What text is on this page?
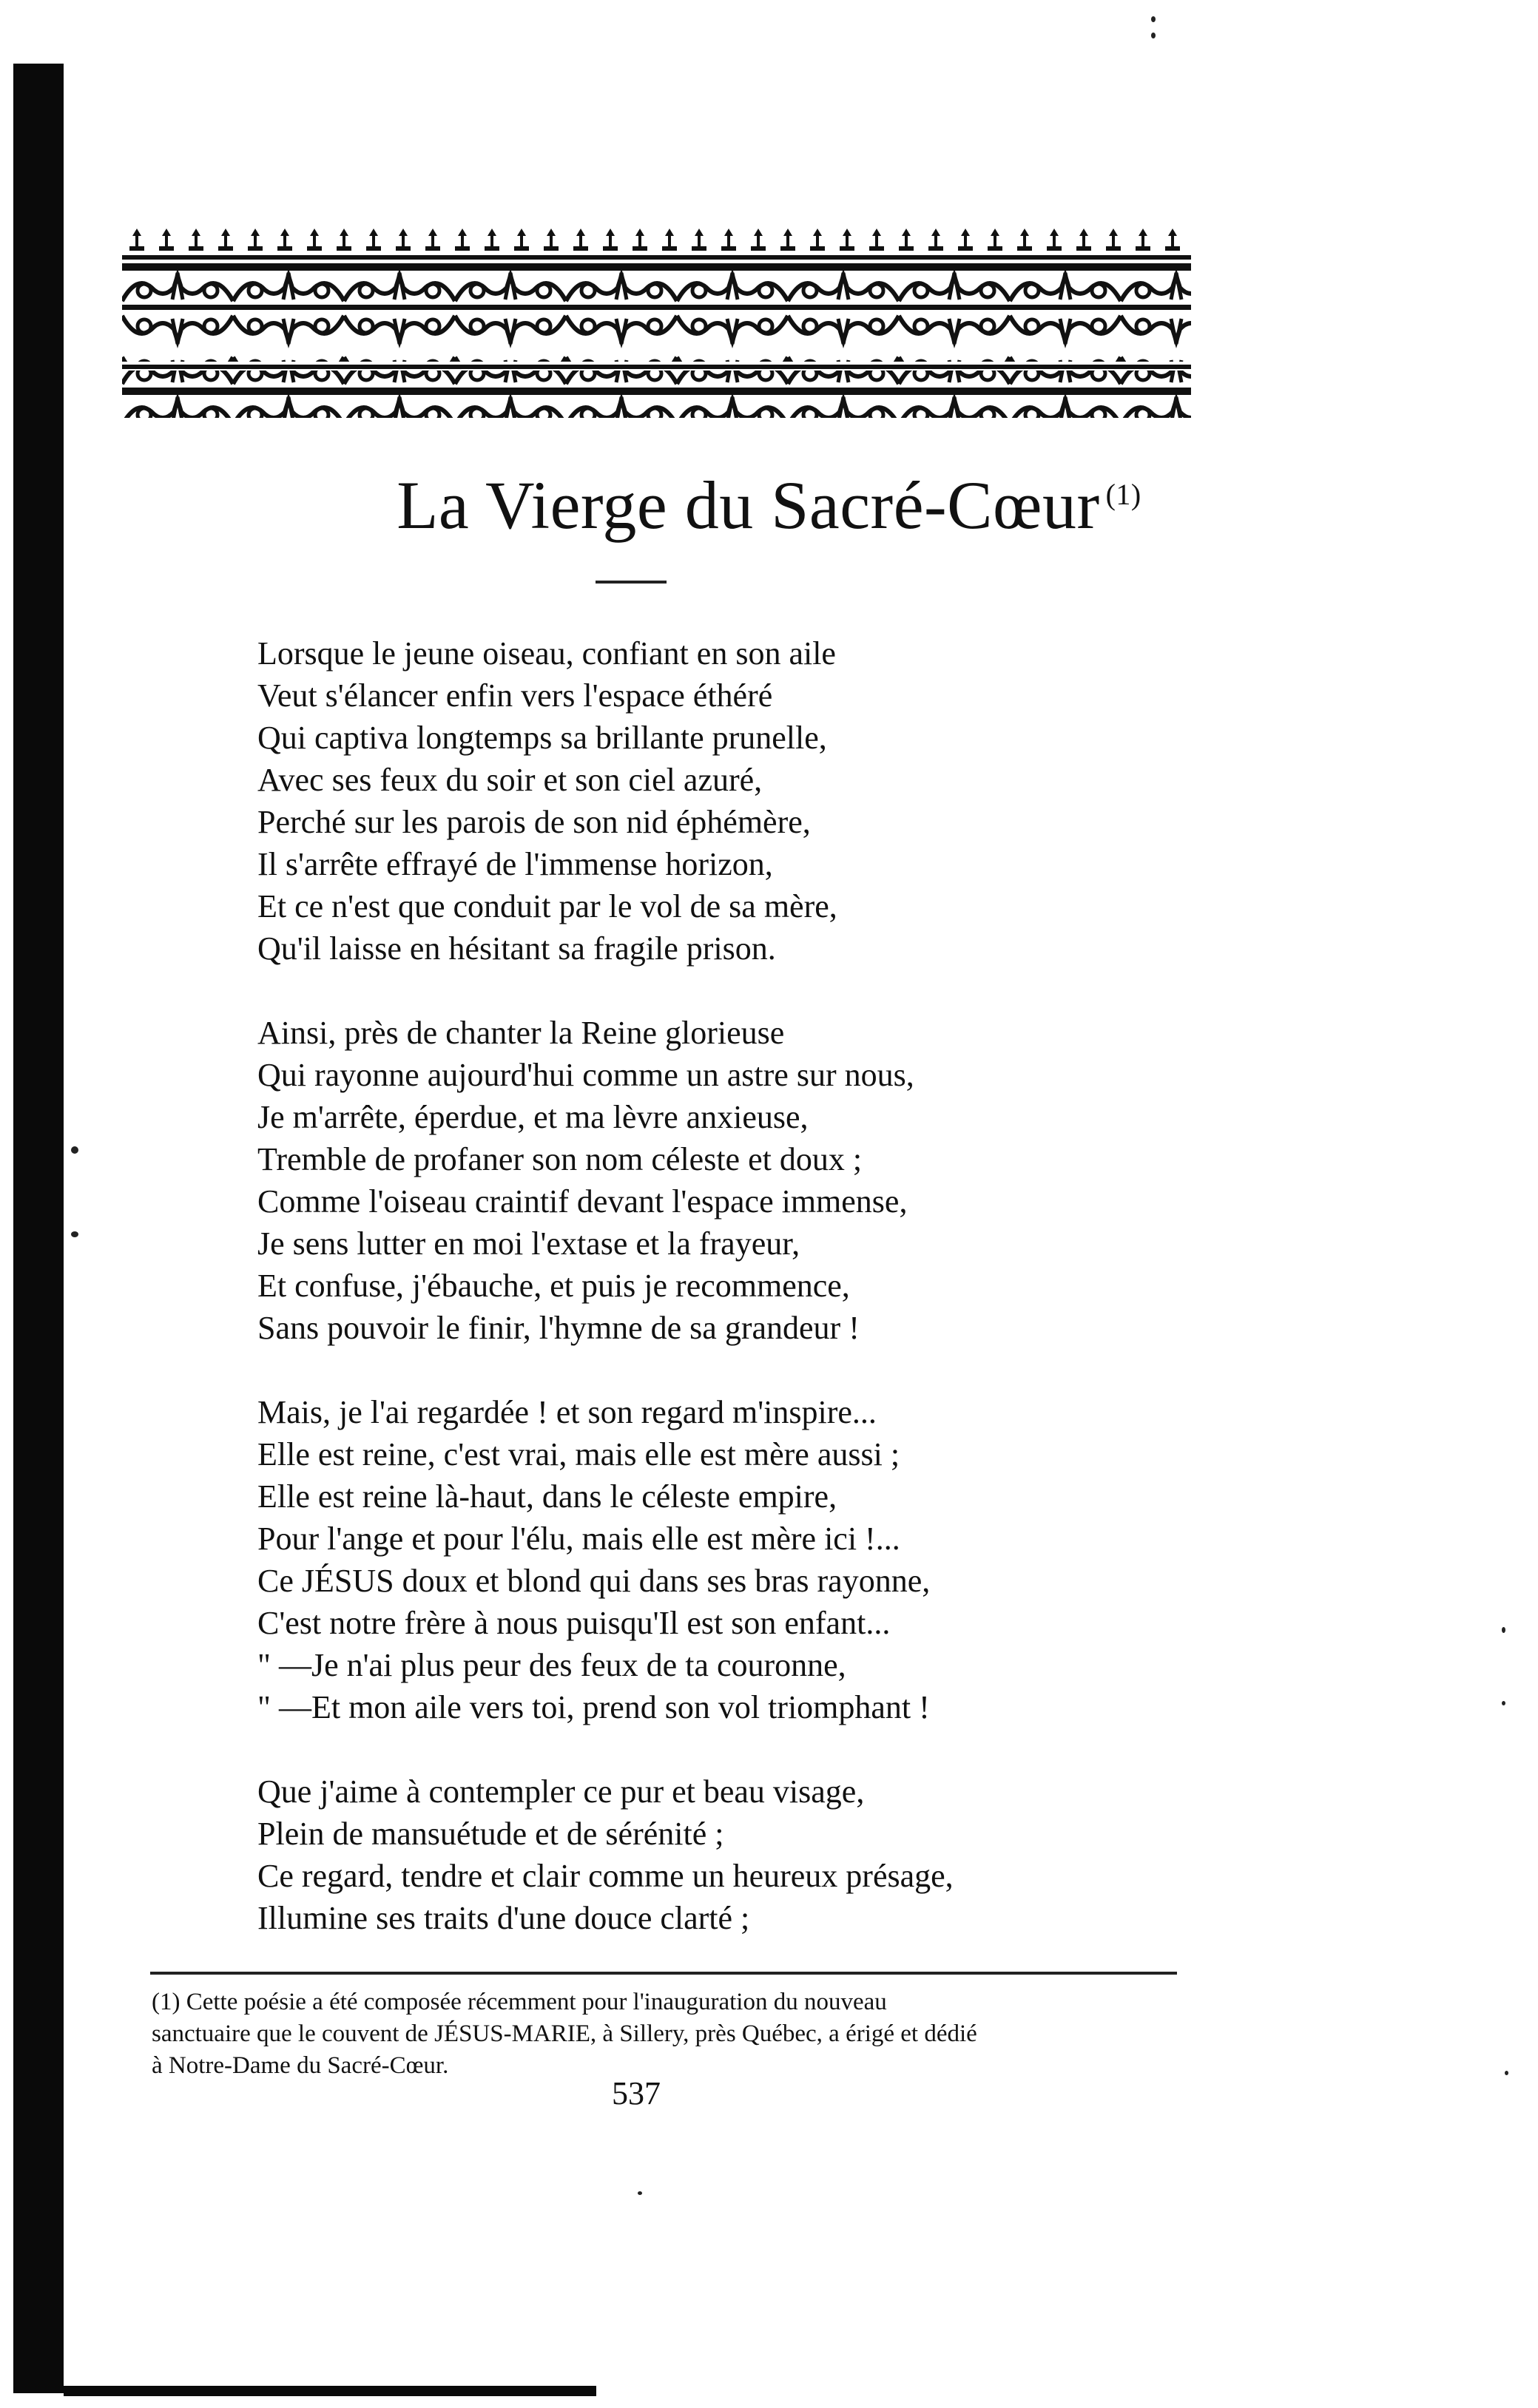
La Vierge du Sacré-Cœur $^{(1)}$
Lorsque le jeune oiseau, confiant en son aile
Veut s'élancer enfin vers l'espace éthéré
Qui captiva longtemps sa brillante prunelle,
Avec ses feux du soir et son ciel azuré,
Perché sur les parois de son nid éphémère,
Il s'arrête effrayé de l'immense horizon,
Et ce n'est que conduit par le vol de sa mère,
Qu'il laisse en hésitant sa fragile prison.
Ainsi, près de chanter la Reine glorieuse
Qui rayonne aujourd'hui comme un astre sur nous,
Je m'arrête, éperdue, et ma lèvre anxieuse,
Tremble de profaner son nom céleste et doux ;
Comme l'oiseau craintif devant l'espace immense,
Je sens lutter en moi l'extase et la frayeur,
Et confuse, j'ébauche, et puis je recommence,
Sans pouvoir le finir, l'hymne de sa grandeur !
Mais, je l'ai regardée ! et son regard m'inspire...
Elle est reine, c'est vrai, mais elle est mère aussi ;
Elle est reine là-haut, dans le céleste empire,
Pour l'ange et pour l'élu, mais elle est mère ici !...
Ce JÉSUS doux et blond qui dans ses bras rayonne,
C'est notre frère à nous puisqu'Il est son enfant...
" —Je n'ai plus peur des feux de ta couronne,
" —Et mon aile vers toi, prend son vol triomphant !
Que j'aime à contempler ce pur et beau visage,
Plein de mansuétude et de sérénité ;
Ce regard, tendre et clair comme un heureux présage,
Illumine ses traits d'une douce clarté ;
(1) Cette poésie a été composée récemment pour l'inauguration du nouveau
sanctuaire que le couvent de JÉSUS-MARIE, à Sillery, près Québec, a érigé et dédié
à Notre-Dame du Sacré-Cœur.
537
